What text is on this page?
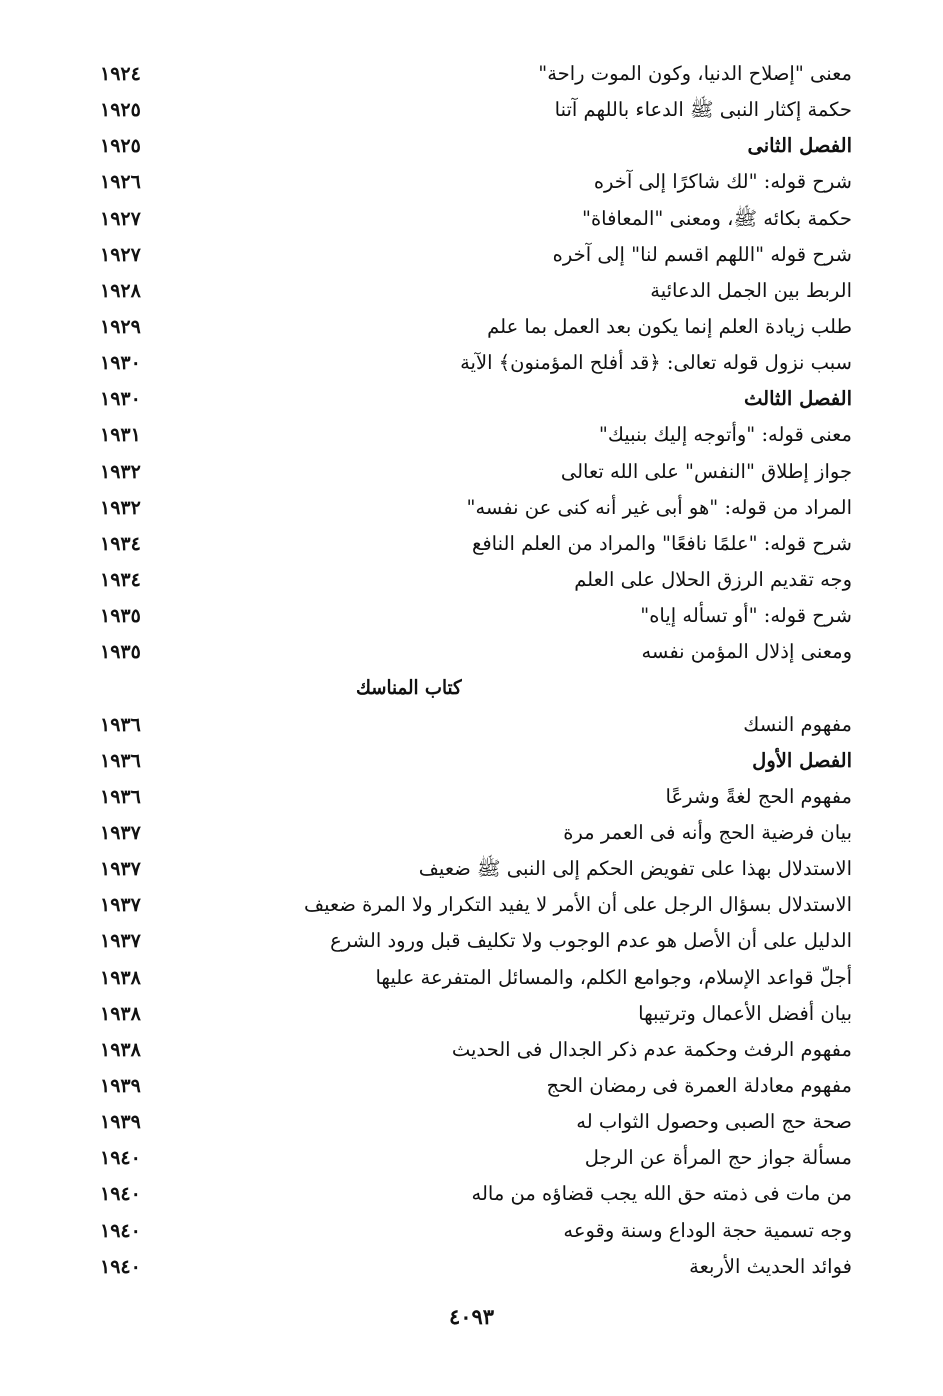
معنى "إصلاح الدنيا، وكون الموت راحة"
١٩٢٤
حكمة إكثار النبى ﷺ الدعاء باللهم آتنا
١٩٢٥
الفصل الثانى
١٩٢٥
شرح قوله: "لك شاكرًا إلى آخره
١٩٢٦
حكمة بكائه ﷺ، ومعنى "المعافاة"
١٩٢٧
شرح قوله "اللهم اقسم لنا" إلى آخره
١٩٢٧
الربط بين الجمل الدعائية
١٩٢٨
طلب زيادة العلم إنما يكون بعد العمل بما علم
١٩٢٩
سبب نزول قوله تعالى: ﴿قد أفلح المؤمنون﴾ الآية
١٩٣٠
الفصل الثالث
١٩٣٠
معنى قوله: "وأتوجه إليك بنبيك"
١٩٣١
جواز إطلاق "النفس" على الله تعالى
١٩٣٢
المراد من قوله: "هو أبى غير أنه كنى عن نفسه"
١٩٣٢
شرح قوله: "علمًا نافعًا" والمراد من العلم النافع
١٩٣٤
وجه تقديم الرزق الحلال على العلم
١٩٣٤
شرح قوله: "أو تسأله إياه"
١٩٣٥
ومعنى إذلال المؤمن نفسه
١٩٣٥
كتاب المناسك
مفهوم النسك
١٩٣٦
الفصل الأول
١٩٣٦
مفهوم الحج لغةً وشرعًا
١٩٣٦
بيان فرضية الحج وأنه فى العمر مرة
١٩٣٧
الاستدلال بهذا على تفويض الحكم إلى النبى ﷺ ضعيف
١٩٣٧
الاستدلال بسؤال الرجل على أن الأمر لا يفيد التكرار ولا المرة ضعيف
١٩٣٧
الدليل على أن الأصل هو عدم الوجوب ولا تكليف قبل ورود الشرع
١٩٣٧
أجلّ قواعد الإسلام، وجوامع الكلم، والمسائل المتفرعة عليها
١٩٣٨
بيان أفضل الأعمال وترتيبها
١٩٣٨
مفهوم الرفث وحكمة عدم ذكر الجدال فى الحديث
١٩٣٨
مفهوم معادلة العمرة فى رمضان الحج
١٩٣٩
صحة حج الصبى وحصول الثواب له
١٩٣٩
مسألة جواز حج المرأة عن الرجل
١٩٤٠
من مات فى ذمته حق الله يجب قضاؤه من ماله
١٩٤٠
وجه تسمية حجة الوداع وسنة وقوعه
١٩٤٠
فوائد الحديث الأربعة
١٩٤٠
٤٠٩٣
